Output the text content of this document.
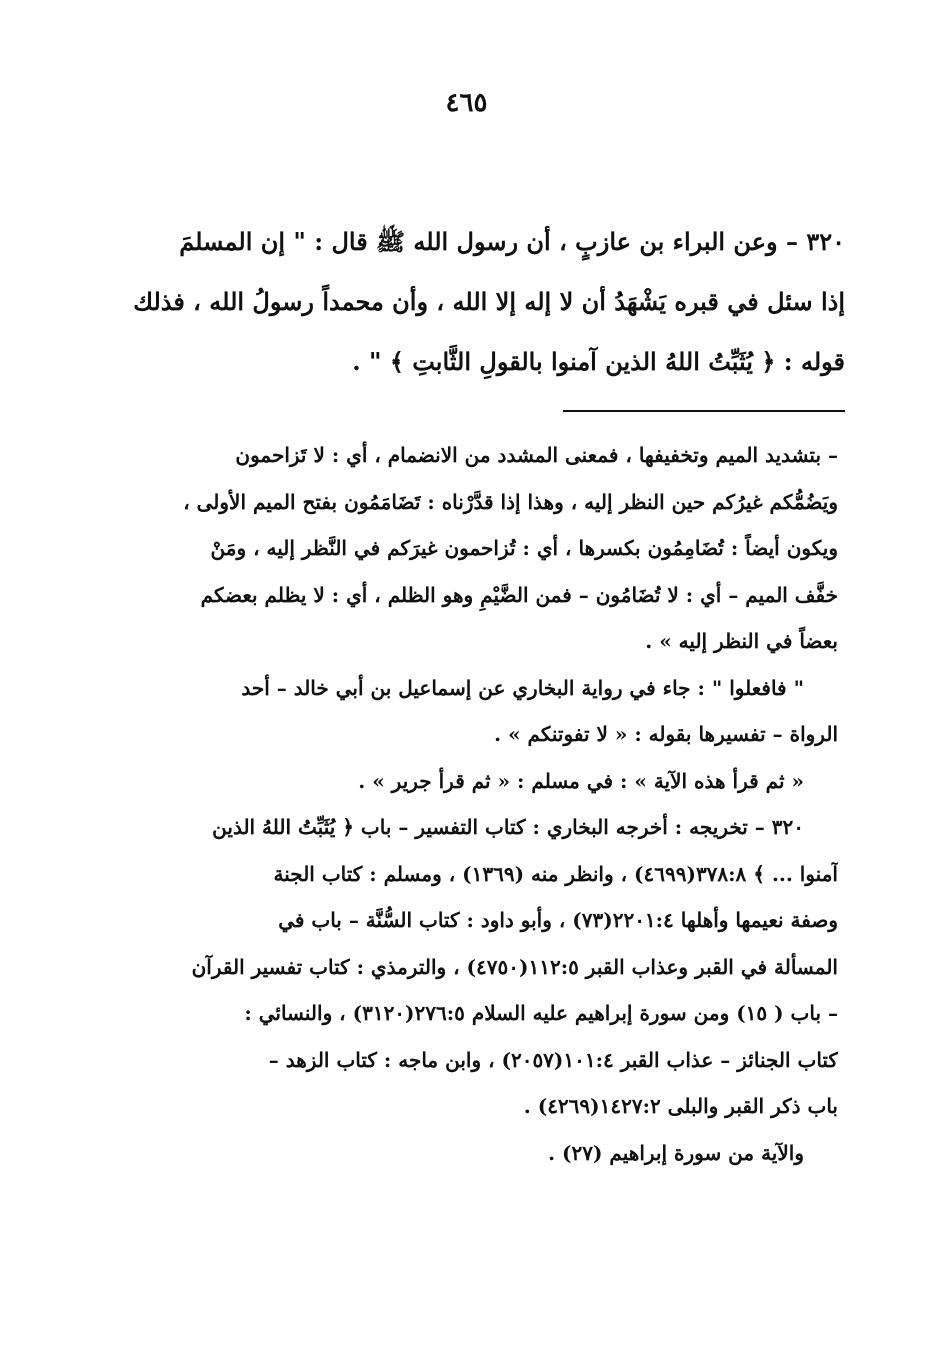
٤٦٥
٣٢٠ – وعن البراء بن عازبٍ ، أن رسول الله ﷺ قال : " إن المسلمَ
إذا سئل في قبره يَشْهَدُ أن لا إله إلا الله ، وأن محمداً رسولُ الله ، فذلك
قوله : ﴿ يُثَبِّتُ اللهُ الذين آمنوا بالقولِ الثَّابتِ ﴾ " .
– بتشديد الميم وتخفيفها ، فمعنى المشدد من الانضمام ، أي : لا تَزاحمون
ويَضُمُّكم غيرُكم حين النظر إليه ، وهذا إذا قدَّرْناه : تَضَامَمُون بفتح الميم الأولى ،
ويكون أيضاً : تُضَامِمُون بكسرها ، أي : تُزاحمون غيرَكم في النَّظر إليه ، ومَنْ
خفَّف الميم – أي : لا تُضَامُون – فمن الضَّيْمِ وهو الظلم ، أي : لا يظلم بعضكم
بعضاً في النظر إليه » .
" فافعلوا " : جاء في رواية البخاري عن إسماعيل بن أبي خالد – أحد
الرواة – تفسيرها بقوله : « لا تفوتنكم » .
« ثم قرأ هذه الآية » : في مسلم : « ثم قرأ جرير » .
٣٢٠ – تخريجه : أخرجه البخاري : كتاب التفسير – باب ﴿ يُثَبِّتُ اللهُ الذين
آمنوا ... ﴾ ٣٧٨:٨(٤٦٩٩) ، وانظر منه (١٣٦٩) ، ومسلم : كتاب الجنة
وصفة نعيمها وأهلها ٢٢٠١:٤(٧٣) ، وأبو داود : كتاب السُّنَّة – باب في
المسألة في القبر وعذاب القبر ١١٢:٥(٤٧٥٠) ، والترمذي : كتاب تفسير القرآن
– باب ( ١٥) ومن سورة إبراهيم عليه السلام ٢٧٦:٥(٣١٢٠) ، والنسائي :
كتاب الجنائز – عذاب القبر ١٠١:٤(٢٠٥٧) ، وابن ماجه : كتاب الزهد –
باب ذكر القبر والبلى ١٤٢٧:٢(٤٢٦٩) .
والآية من سورة إبراهيم (٢٧) .
